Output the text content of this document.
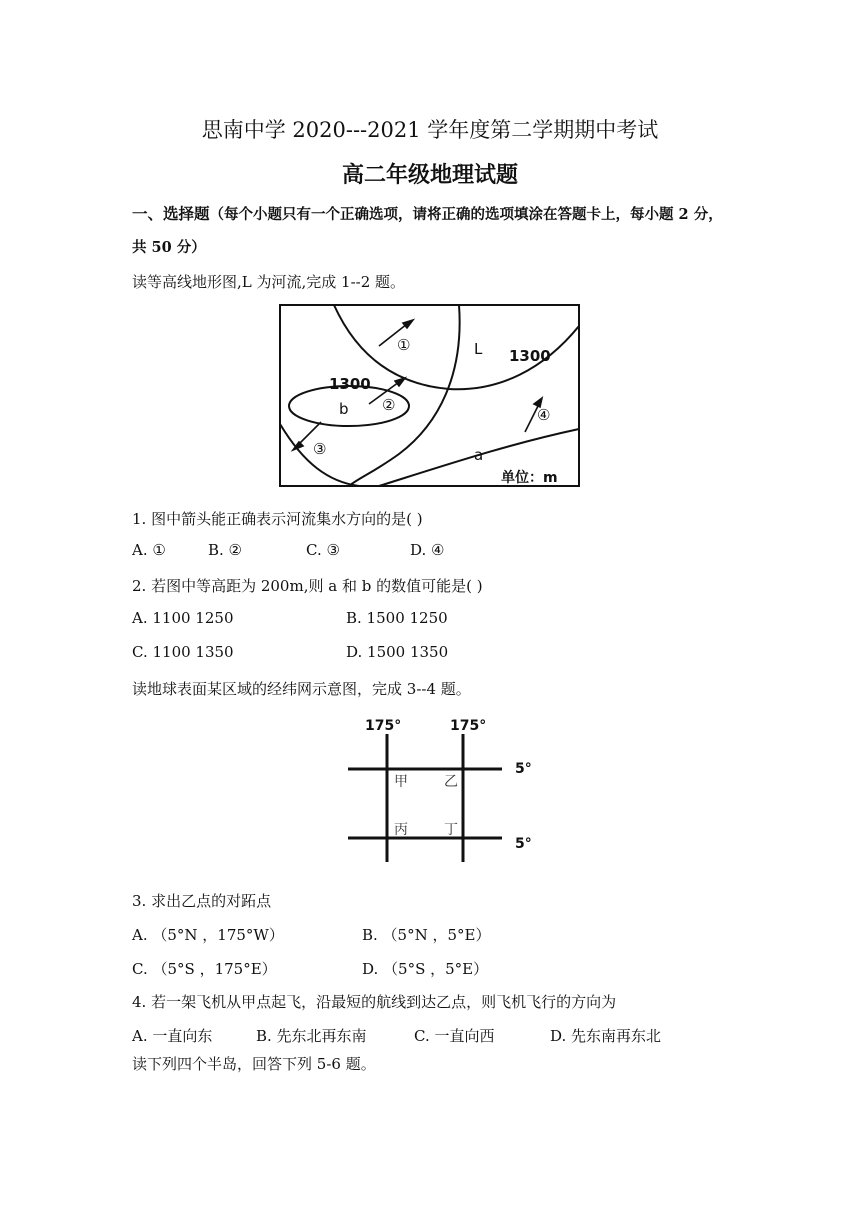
思南中学 2020---2021 学年度第二学期期中考试
高二年级地理试题
一、选择题（每个小题只有一个正确选项，请将正确的选项填涂在答题卡上，每小题 2 分，
共 50 分）
读等高线地形图,L 为河流,完成 1--2 题。
1300
1300
L
b
a
①
②
③
④
单位：m
1. 图中箭头能正确表示河流集水方向的是( )
A. ①	B. ②	C. ③	D. ④
2. 若图中等高距为 200m,则 a 和 b 的数值可能是( )
A. 1100 1250	B. 1500 1250
C. 1100 1350	D. 1500 1350
读地球表面某区域的经纬网示意图，完成 3--4 题。
175°	175°
5°
5°
甲	乙
丙	丁
3. 求出乙点的对跖点
A. （5°N ，175°W）	B. （5°N ，5°E）
C. （5°S ，175°E）	D. （5°S ，5°E）
4. 若一架飞机从甲点起飞，沿最短的航线到达乙点，则飞机飞行的方向为
A. 一直向东	B. 先东北再东南	C. 一直向西	D. 先东南再东北
读下列四个半岛，回答下列 5-6 题。
